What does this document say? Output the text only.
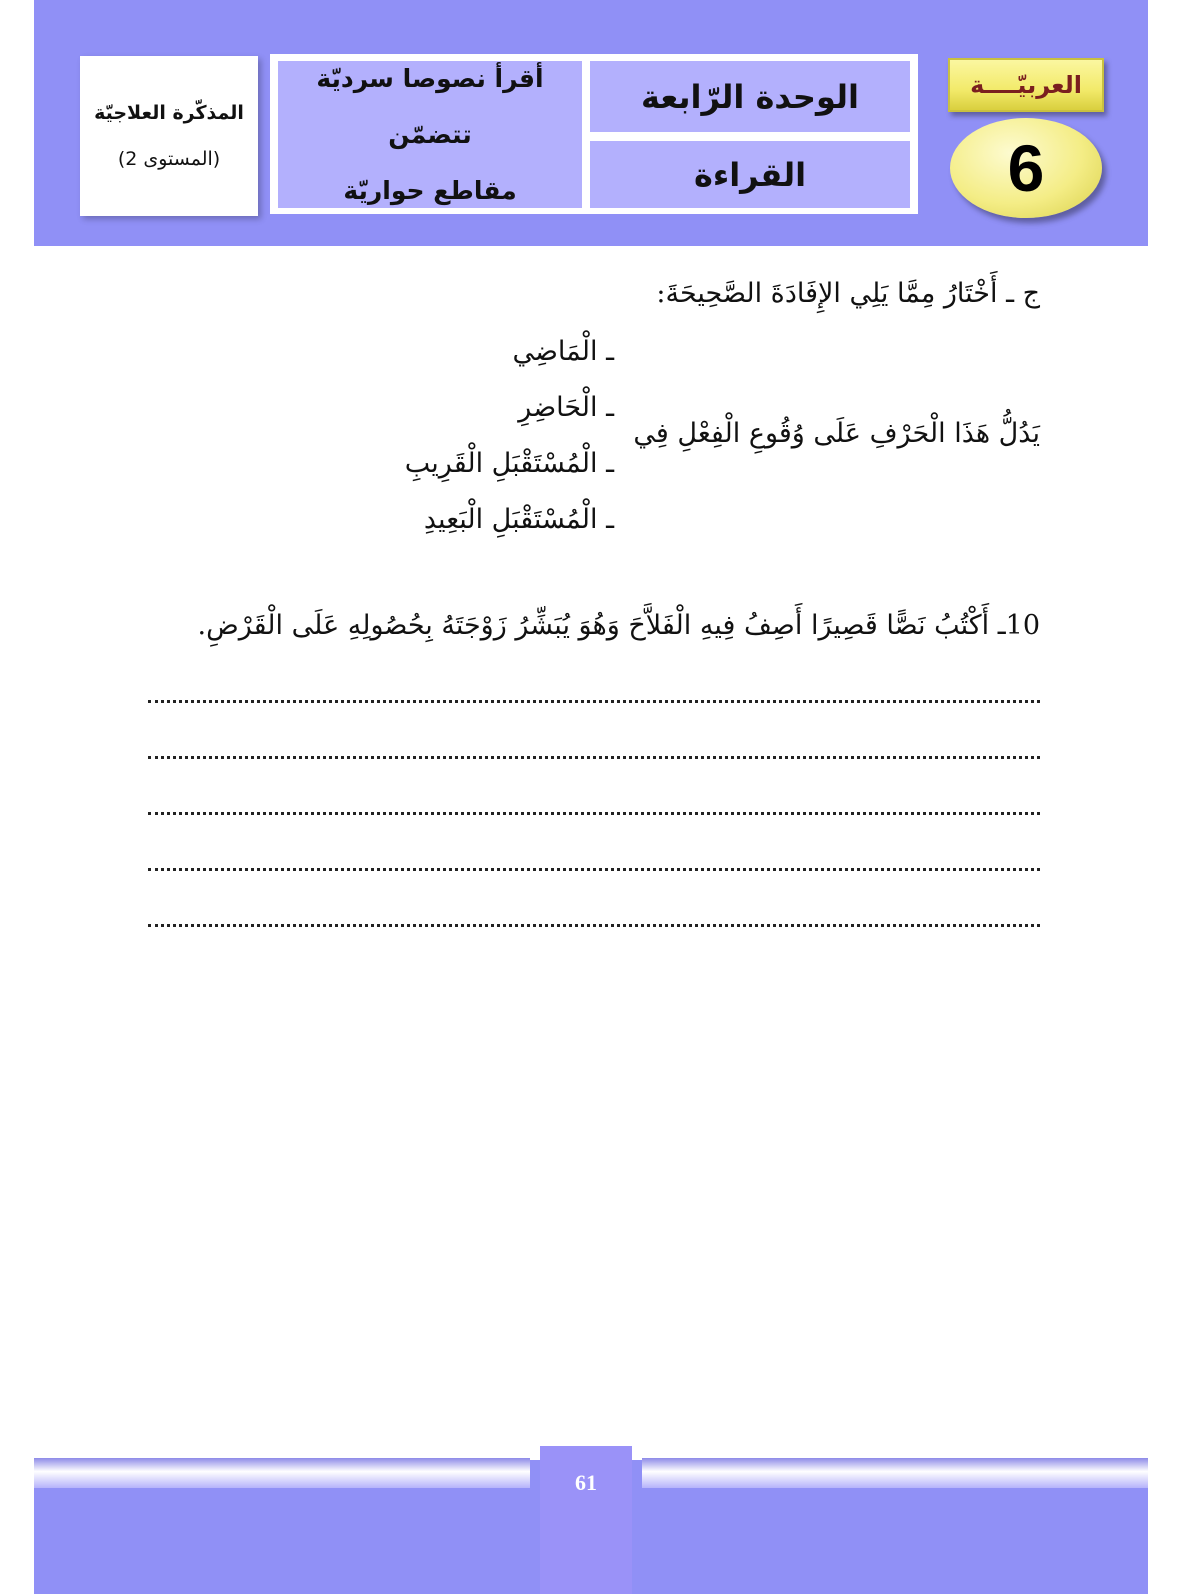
العربيّــــة
6
الوحدة الرّابعة
القراءة
أقرأ نصوصا سرديّة تتضمّن
مقاطع حواريّة
المذكّرة العلاجيّة
(المستوى 2)
ج ـ أَخْتَارُ مِمَّا يَلِي الإِفَادَةَ الصَّحِيحَةَ:
يَدُلُّ هَذَا الْحَرْفِ عَلَى وُقُوعِ الْفِعْلِ فِي
ـ الْمَاضِي
ـ الْحَاضِرِ
ـ الْمُسْتَقْبَلِ الْقَرِيبِ
ـ الْمُسْتَقْبَلِ الْبَعِيدِ
10ـ أَكْتُبُ نَصًّا قَصِيرًا أَصِفُ فِيهِ الْفَلاَّحَ وَهُوَ يُبَشِّرُ زَوْجَتَهُ بِحُصُولِهِ عَلَى الْقَرْضِ.
61
